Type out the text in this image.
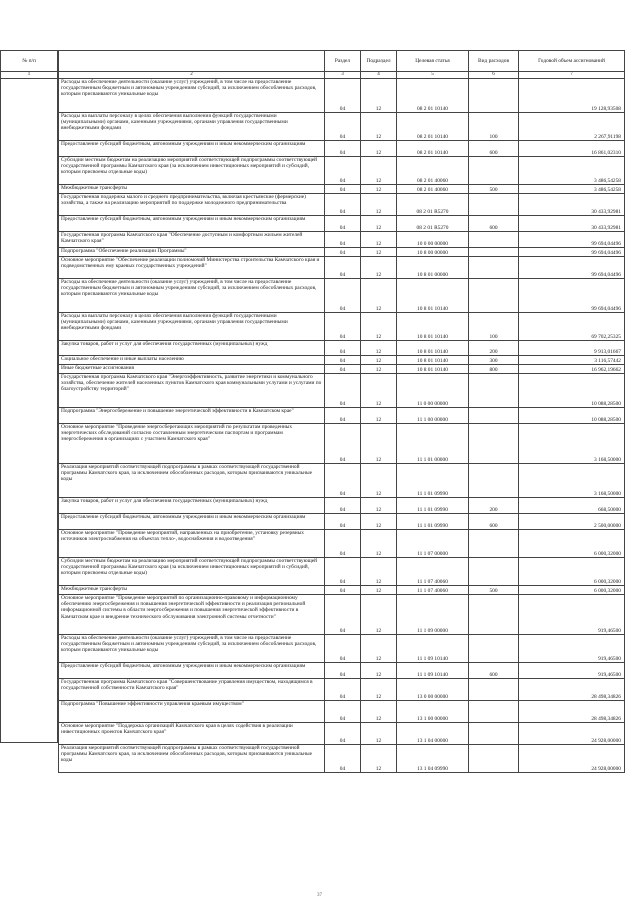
	Раздел	Подраздел	Целевая статья	Вид расходов	Годовой объем ассигнований
2	3	4	5	6	7
Расходы на обеспечение деятельности (оказание услуг) учреждений, в том числе на предоставление государственным бюджетным и автономным учреждениям субсидий, за исключением обособленных расходов, которым присваиваются уникальные коды	04	12	08 2 01 10140		19 128,93508
Расходы на выплаты персоналу в целях обеспечения выполнения функций государственными (муниципальными) органами, казенными учреждениями, органами управления государственными внебюджетными фондами	04	12	08 2 01 10140	100	2 267,91198
Предоставление субсидий бюджетным, автономным учреждениям и иным некоммерческим организациям	04	12	08 2 01 10140	600	16 861,02310
Субсидии местным бюджетам на реализацию мероприятий соответствующей подпрограммы соответствующей государственной программы Камчатского края (за исключением инвестиционных мероприятий и субсидий, которым присвоены отдельные коды)	04	12	08 2 01 40060		3 486,54258
Межбюджетные трансферты	04	12	08 2 01 40060	500	3 486,54258
Государственная поддержка малого и среднего предпринимательства, включая крестьянские (фермерские) хозяйства, а также на реализацию мероприятий по поддержке молодежного предпринимательства	04	12	08 2 01 R5270		30 433,92981
Предоставление субсидий бюджетным, автономным учреждениям и иным некоммерческим организациям	04	12	08 2 01 R5270	600	30 433,92981
Государственная программа Камчатского края "Обеспечение доступным и комфортным жильем жителей Камчатского края"	04	12	10 0 00 00000		99 694,04496
Подпрограмма "Обеспечение реализации Программы"	04	12	10 8 00 00000		99 694,04496
Основное мероприятие "Обеспечение реализации полномочий Министерства строительства Камчатского края и подведомственных ему краевых государственных учреждений"	04	12	10 8 01 00000		99 694,04496
Расходы на обеспечение деятельности (оказание услуг) учреждений, в том числе на предоставление государственным бюджетным и автономным учреждениям субсидий, за исключением обособленных расходов, которым присваиваются уникальные коды	04	12	10 8 01 10140		99 694,04496
Расходы на выплаты персоналу в целях обеспечения выполнения функций государственными (муниципальными) органами, казенными учреждениями, органами управления государственными внебюджетными фондами	04	12	10 8 01 10140	100	69 702,25325
Закупка товаров, работ и услуг для обеспечения государственных (муниципальных) нужд	04	12	10 8 01 10140	200	9 913,01667
Социальное обеспечение и иные выплаты населению	04	12	10 8 01 10140	300	3 116,57442
Иные бюджетные ассигнования	04	12	10 8 01 10140	800	16 962,19662
Государственная программа Камчатского края "Энергоэффективность, развитие энергетики и коммунального хозяйства, обеспечение жителей населенных пунктов Камчатского края коммунальными услугами и услугами по благоустройству территорий"	04	12	11 0 00 00000		10 088,28500
Подпрограмма "Энергосбережение и повышение энергетической эффективности в Камчатском крае"	04	12	11 1 00 00000		10 088,28500
Основное мероприятие "Проведение энергосберегающих мероприятий по результатам проведенных энергетических обследований согласно составленным энергетическим паспортам и программам энергосбережения в организациях с участием Камчатского края"	04	12	11 1 01 00000		3 168,50000
Реализация мероприятий соответствующей подпрограммы в рамках соответствующей государственной программы Камчатского края, за исключением обособленных расходов, которым присваиваются уникальные коды	04	12	11 1 01 09990		3 168,50000
Закупка товаров, работ и услуг для обеспечения государственных (муниципальных) нужд	04	12	11 1 01 09990	200	668,50000
Предоставление субсидий бюджетным, автономным учреждениям и иным некоммерческим организациям	04	12	11 1 01 09990	600	2 500,00000
Основное мероприятие "Проведение мероприятий, направленных на приобретение, установку резервных источников электроснабжения на объектах тепло-, водоснабжения и водоотведения"	04	12	11 1 07 00000		6 000,32000
Субсидии местным бюджетам на реализацию мероприятий соответствующей подпрограммы соответствующей государственной программы Камчатского края (за исключением инвестиционных мероприятий и субсидий, которым присвоены отдельные коды)	04	12	11 1 07 40060		6 000,32000
Межбюджетные трансферты	04	12	11 1 07 40060	500	6 000,32000
Основное мероприятие "Проведение мероприятий по организационно-правовому и информационному обеспечению энергосбережения и повышения энергетической эффективности и реализация региональной информационной системы в области энергосбережения и повышения энергетической эффективности в Камчатском крае и внедрение технического обслуживания электронной системы отчетности"	04	12	11 1 09 00000		919,46500
Расходы на обеспечение деятельности (оказание услуг) учреждений, в том числе на предоставление государственным бюджетным и автономным учреждениям субсидий, за исключением обособленных расходов, которым присваиваются уникальные коды	04	12	11 1 09 10140		919,46500
Предоставление субсидий бюджетным, автономным учреждениям и иным некоммерческим организациям	04	12	11 1 09 10140	600	919,46500
Государственная программа Камчатского края "Совершенствование управления имуществом, находящимся в государственной собственности Камчатского края"	04	12	13 0 00 00000		28 498,34826
Подпрограмма "Повышение эффективности управления краевым имуществом"	04	12	13 1 00 00000		28 498,34826
Основное мероприятие "Поддержка организаций Камчатского края в целях содействия в реализации инвестиционных проектов Камчатского края"	04	12	13 1 04 00000		24 928,00000
Реализация мероприятий соответствующей подпрограммы в рамках соответствующей государственной программы Камчатского края, за исключением обособленных расходов, которым присваиваются уникальные коды	04	12	13 1 04 09990		24 928,00000
№ п/п
1

37
